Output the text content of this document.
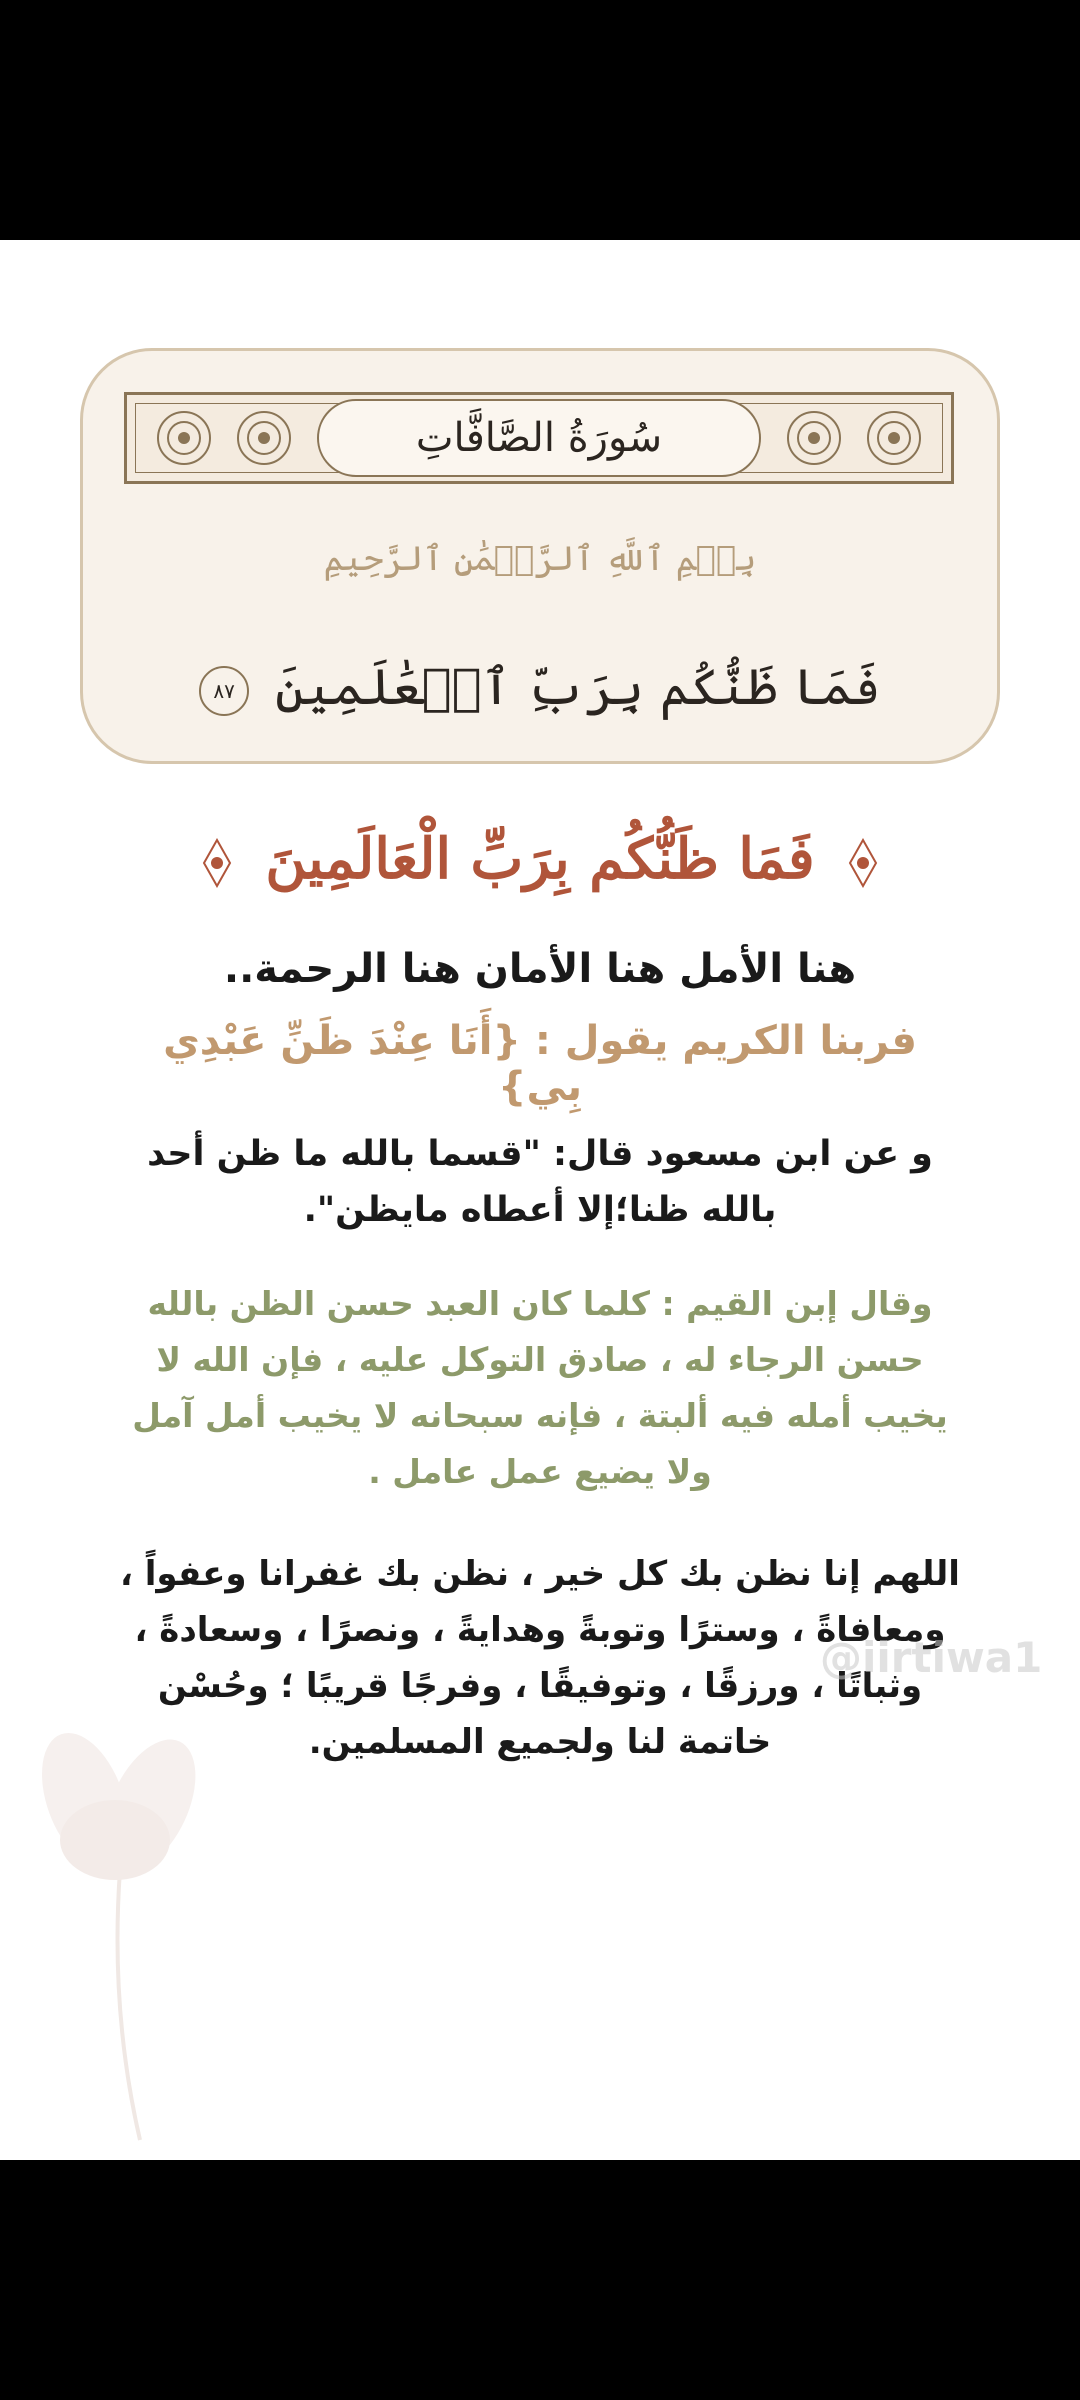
سُورَةُ الصَّافَّاتِ
بِسۡمِ ٱللَّهِ ٱلرَّحۡمَٰنِ ٱلرَّحِيمِ
فَمَا ظَنُّكُم بِرَبِّ ٱلۡعَٰلَمِينَ ٨٧
فَمَا ظَنُّكُم بِرَبِّ الْعَالَمِينَ
هنا الأمل هنا الأمان هنا الرحمة..
فربنا الكريم يقول : {أَنَا عِنْدَ ظَنِّ عَبْدِي بِي}
و عن ابن مسعود قال: "قسما بالله ما ظن أحد بالله ظنا؛إلا أعطاه مايظن".
وقال إبن القيم : كلما كان العبد حسن الظن بالله حسن الرجاء له ، صادق التوكل عليه ، فإن الله لا يخيب أمله فيه ألبتة ، فإنه سبحانه لا يخيب أمل آمل ولا يضيع عمل عامل .
اللهم إنا نظن بك كل خير ، نظن بك غفرانا وعفواً ، ومعافاةً ، وسترًا وتوبةً وهدايةً ، ونصرًا ، وسعادةً ، وثباتًا ، ورزقًا ، وتوفيقًا ، وفرجًا قريبًا ؛ وحُسْن خاتمة لنا ولجميع المسلمين.
@iirtiwa1
